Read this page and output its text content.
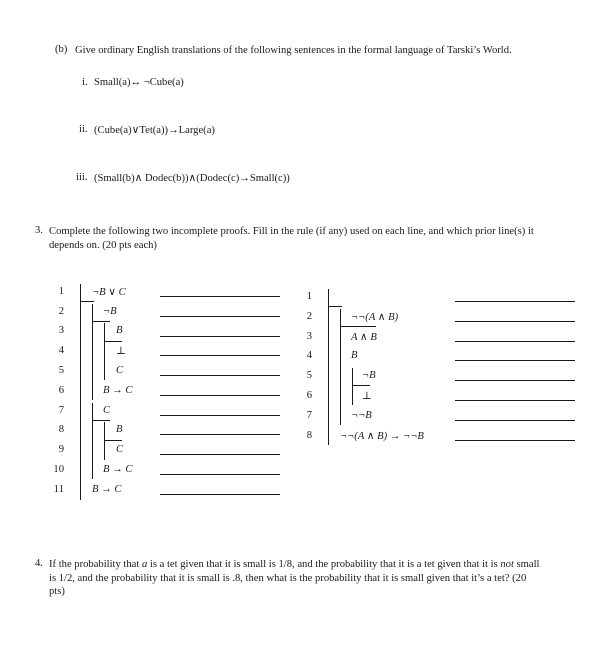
(b) Give ordinary English translations of the following sentences in the formal language of Tarski’s World.
i. Small(a)↔ ¬Cube(a)
ii. (Cube(a)∨Tet(a))→Large(a)
iii. (Small(b)∧ Dodec(b))∧(Dodec(c)→Small(c))
3. Complete the following two incomplete proofs. Fill in the rule (if any) used on each line, and which prior line(s) it depends on. (20 pts each)
1
2
3
4
5
6
7
8
9
10
11
¬B ∨ C
¬B
B
⊥
C
B → C
C
B
C
B → C
B → C
1
2
3
4
5
6
7
8
¬¬(A ∧ B)
A ∧ B
B
¬B
⊥
¬¬B
¬¬(A ∧ B) → ¬¬B
4. If the probability that a is a tet given that it is small is 1/8, and the probability that it is a tet given that it is not small is 1/2, and the probability that it is small is .8, then what is the probability that it is small given that it’s a tet? (20 pts)
